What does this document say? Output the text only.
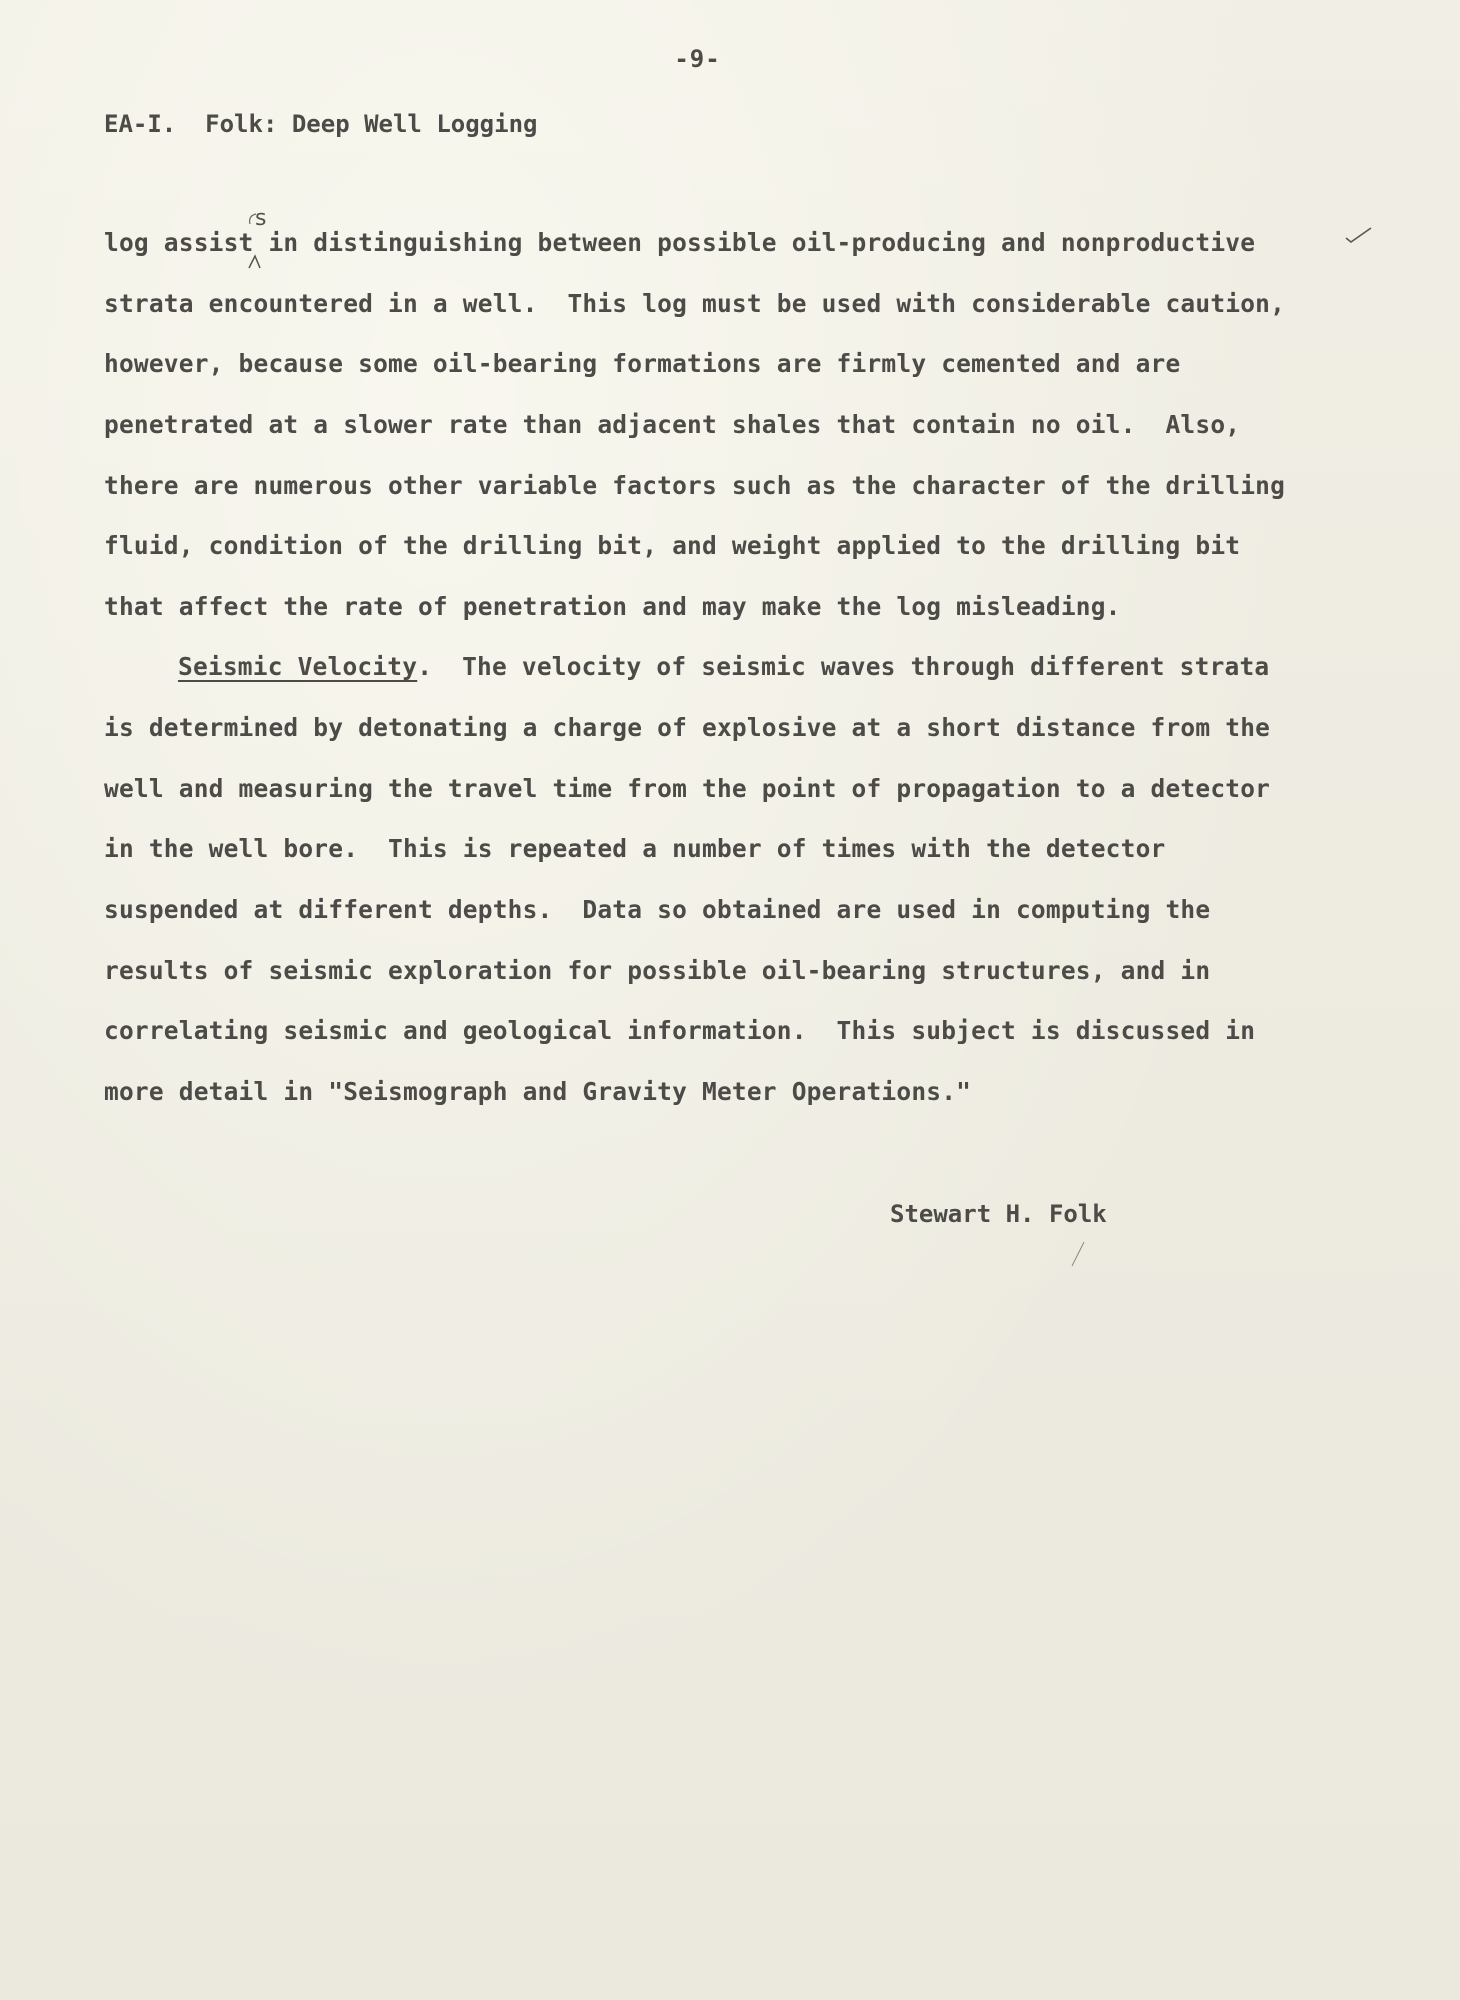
-9-
EA-I.  Folk: Deep Well Logging
s
log assist in distinguishing between possible oil-producing and nonproductive
strata encountered in a well.  This log must be used with considerable caution,
however, because some oil-bearing formations are firmly cemented and are
penetrated at a slower rate than adjacent shales that contain no oil.  Also,
there are numerous other variable factors such as the character of the drilling
fluid, condition of the drilling bit, and weight applied to the drilling bit
that affect the rate of penetration and may make the log misleading.
Seismic Velocity.  The velocity of seismic waves through different strata
is determined by detonating a charge of explosive at a short distance from the
well and measuring the travel time from the point of propagation to a detector
in the well bore.  This is repeated a number of times with the detector
suspended at different depths.  Data so obtained are used in computing the
results of seismic exploration for possible oil-bearing structures, and in
correlating seismic and geological information.  This subject is discussed in
more detail in "Seismograph and Gravity Meter Operations."
Stewart H. Folk
